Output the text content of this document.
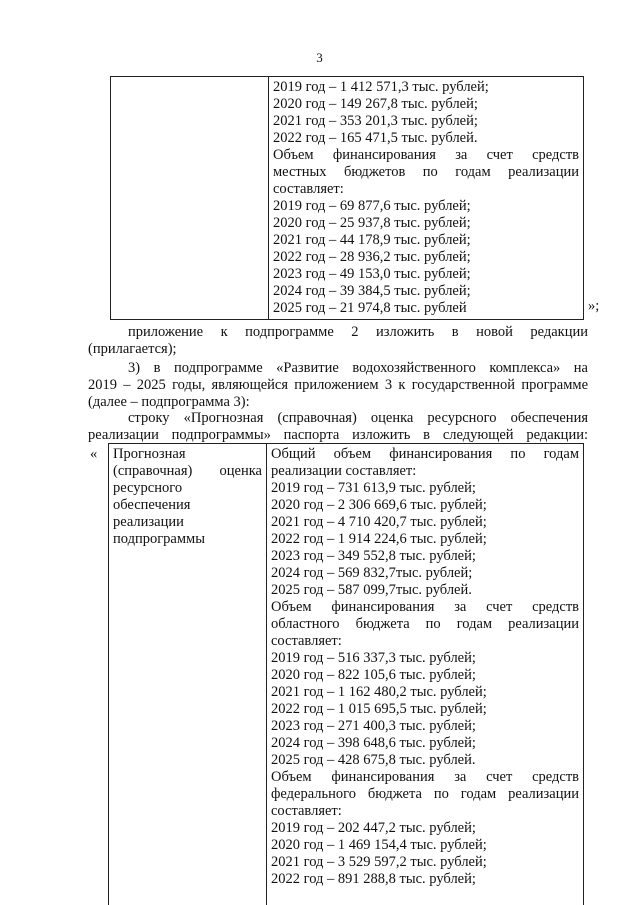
3
2019 год – 1 412 571,3 тыс. рублей;
2020 год – 149 267,8 тыс. рублей;
2021 год – 353 201,3 тыс. рублей;
2022 год – 165 471,5 тыс. рублей.
Объем финансирования за счет средств
местных бюджетов по годам реализации
составляет:
2019 год – 69 877,6 тыс. рублей;
2020 год – 25 937,8 тыс. рублей;
2021 год – 44 178,9 тыс. рублей;
2022 год – 28 936,2 тыс. рублей;
2023 год – 49 153,0 тыс. рублей;
2024 год – 39 384,5 тыс. рублей;
2025 год – 21 974,8 тыс. рублей	»;
приложение к подпрограмме 2 изложить в новой редакции
(прилагается);
3) в подпрограмме «Развитие водохозяйственного комплекса» на
2019 – 2025 годы, являющейся приложением 3 к государственной программе
(далее – подпрограмма 3):
строку «Прогнозная (справочная) оценка ресурсного обеспечения
реализации подпрограммы» паспорта изложить в следующей редакции:
« Прогнозная
(справочная) оценка
ресурсного
обеспечения
реализации
подпрограммы
Общий объем финансирования по годам
реализации составляет:
2019 год – 731 613,9 тыс. рублей;
2020 год – 2 306 669,6 тыс. рублей;
2021 год – 4 710 420,7 тыс. рублей;
2022 год – 1 914 224,6 тыс. рублей;
2023 год – 349 552,8 тыс. рублей;
2024 год – 569 832,7тыс. рублей;
2025 год – 587 099,7тыс. рублей.
Объем финансирования за счет средств
областного бюджета по годам реализации
составляет:
2019 год – 516 337,3 тыс. рублей;
2020 год – 822 105,6 тыс. рублей;
2021 год – 1 162 480,2 тыс. рублей;
2022 год – 1 015 695,5 тыс. рублей;
2023 год – 271 400,3 тыс. рублей;
2024 год – 398 648,6 тыс. рублей;
2025 год – 428 675,8 тыс. рублей.
Объем финансирования за счет средств
федерального бюджета по годам реализации
составляет:
2019 год – 202 447,2 тыс. рублей;
2020 год – 1 469 154,4 тыс. рублей;
2021 год – 3 529 597,2 тыс. рублей;
2022 год – 891 288,8 тыс. рублей;
